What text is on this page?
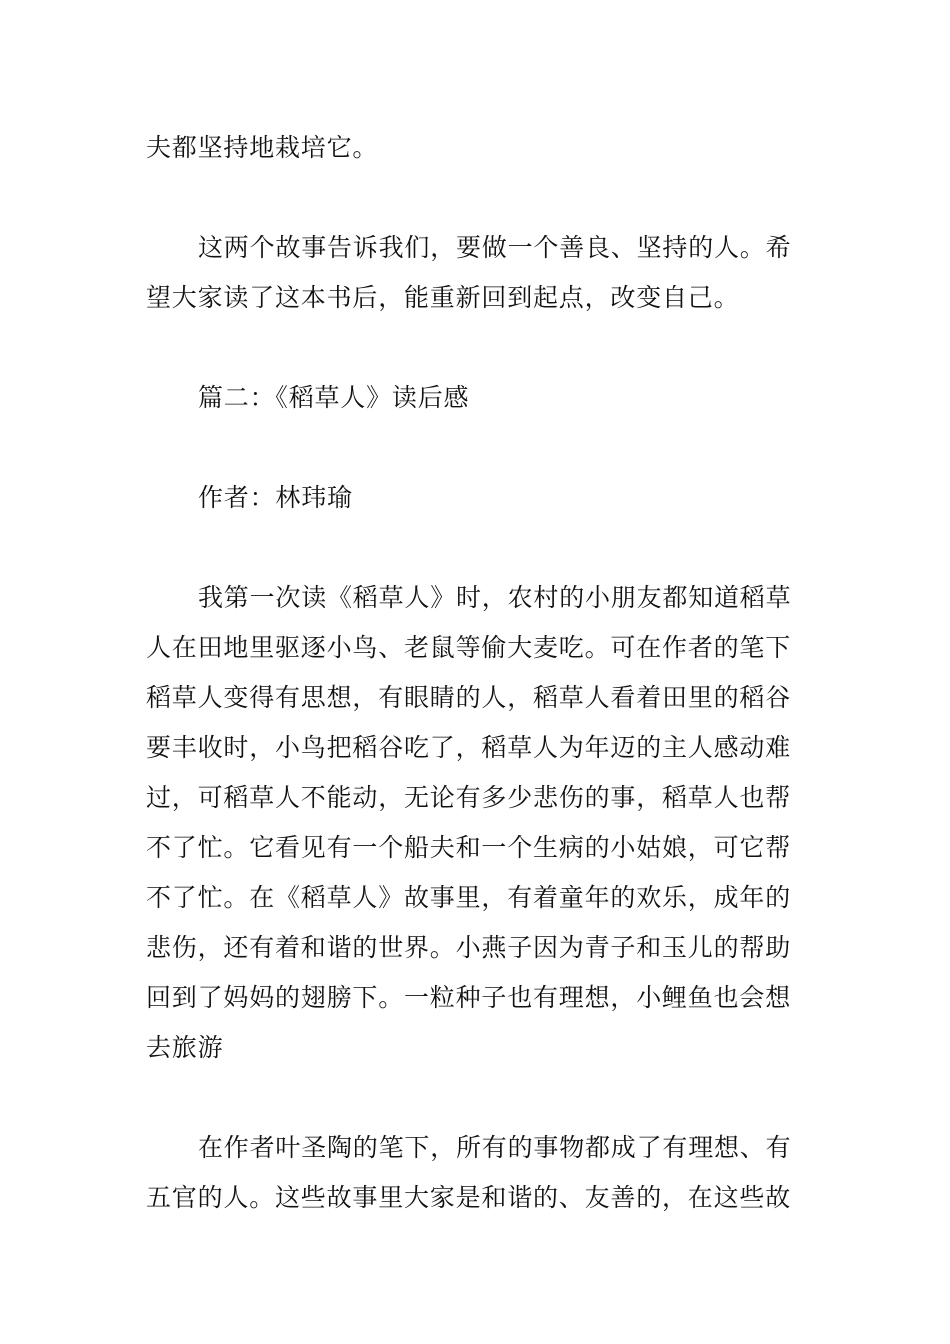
夫都坚持地栽培它。

这两个故事告诉我们，要做一个善良、坚持的人。希
望大家读了这本书后，能重新回到起点，改变自己。

篇二：《稻草人》读后感

作者：林玮瑜

我第一次读《稻草人》时，农村的小朋友都知道稻草
人在田地里驱逐小鸟、老鼠等偷大麦吃。可在作者的笔下
稻草人变得有思想，有眼睛的人，稻草人看着田里的稻谷
要丰收时，小鸟把稻谷吃了，稻草人为年迈的主人感动难
过，可稻草人不能动，无论有多少悲伤的事，稻草人也帮
不了忙。它看见有一个船夫和一个生病的小姑娘，可它帮
不了忙。在《稻草人》故事里，有着童年的欢乐，成年的
悲伤，还有着和谐的世界。小燕子因为青子和玉儿的帮助
回到了妈妈的翅膀下。一粒种子也有理想，小鲤鱼也会想
去旅游

在作者叶圣陶的笔下，所有的事物都成了有理想、有
五官的人。这些故事里大家是和谐的、友善的，在这些故
